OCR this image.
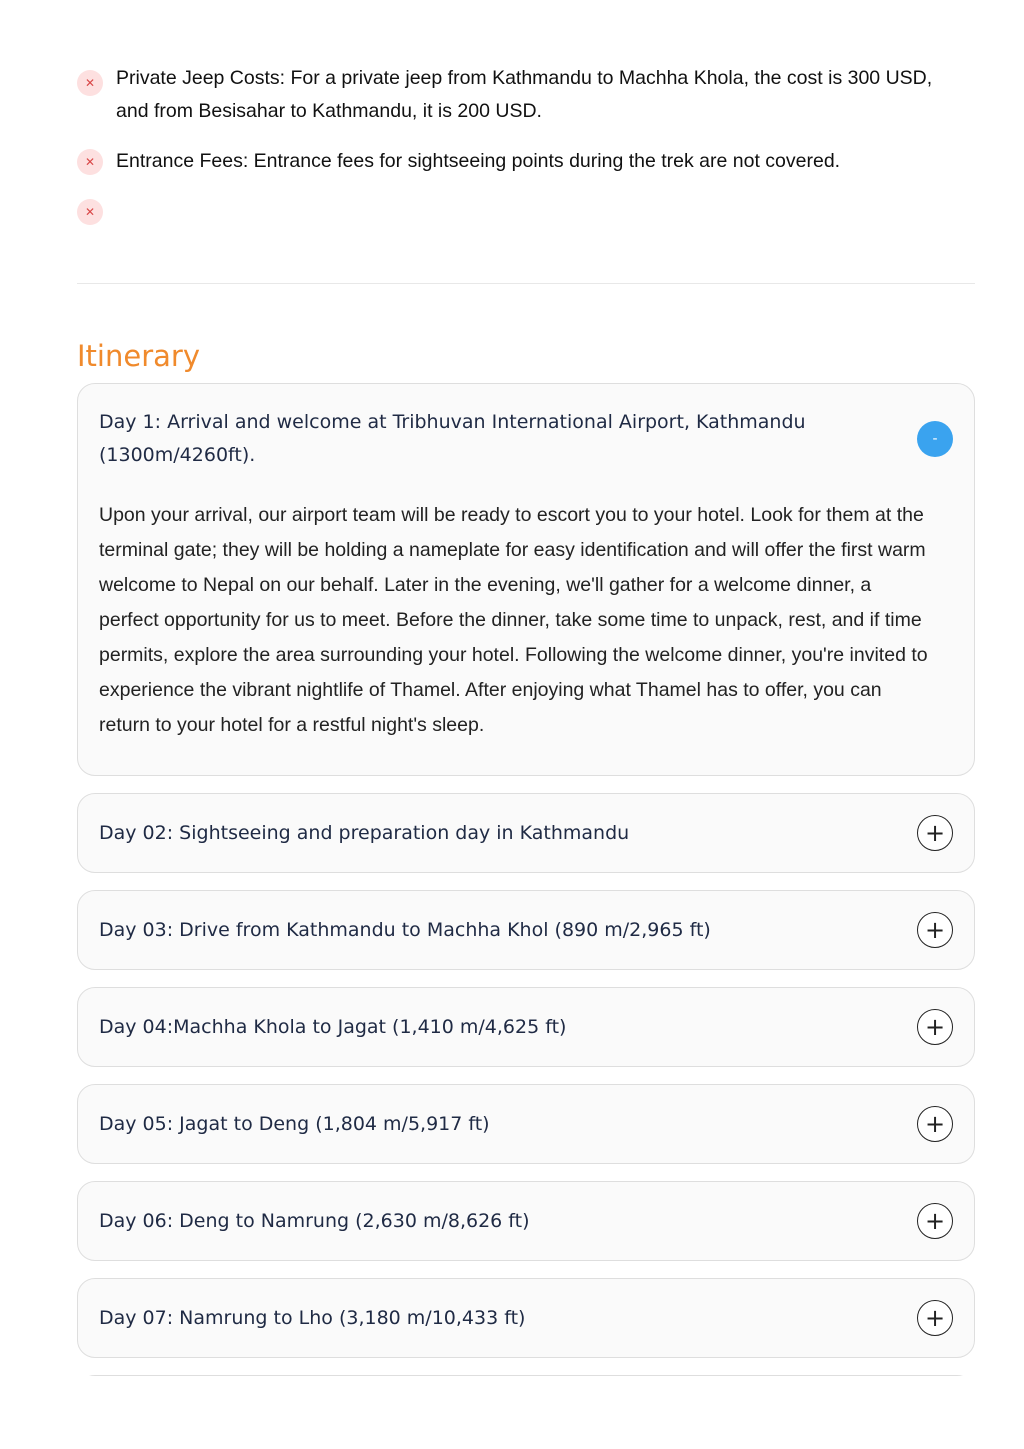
✕	Private Jeep Costs: For a private jeep from Kathmandu to Machha Khola, the cost is 300 USD, and from Besisahar to Kathmandu, it is 200 USD.
✕	Entrance Fees: Entrance fees for sightseeing points during the trek are not covered.
✕
Itinerary

Day 1: Arrival and welcome at Tribhuvan International Airport, Kathmandu (1300m/4260ft).

-
Upon your arrival, our airport team will be ready to escort you to your hotel. Look for them at the terminal gate; they will be holding a nameplate for easy identification and will offer the first warm welcome to Nepal on our behalf. Later in the evening, we'll gather for a welcome dinner, a perfect opportunity for us to meet. Before the dinner, take some time to unpack, rest, and if time permits, explore the area surrounding your hotel. Following the welcome dinner, you're invited to experience the vibrant nightlife of Thamel. After enjoying what Thamel has to offer, you can return to your hotel for a restful night's sleep.

Day 02: Sightseeing and preparation day in Kathmandu	+

Day 03: Drive from Kathmandu to Machha Khol (890 m/2,965 ft)	+

Day 04:Machha Khola to Jagat (1,410 m/4,625 ft)	+

Day 05: Jagat to Deng (1,804 m/5,917 ft)	+

Day 06: Deng to Namrung (2,630 m/8,626 ft)	+

Day 07: Namrung to Lho (3,180 m/10,433 ft)	+
